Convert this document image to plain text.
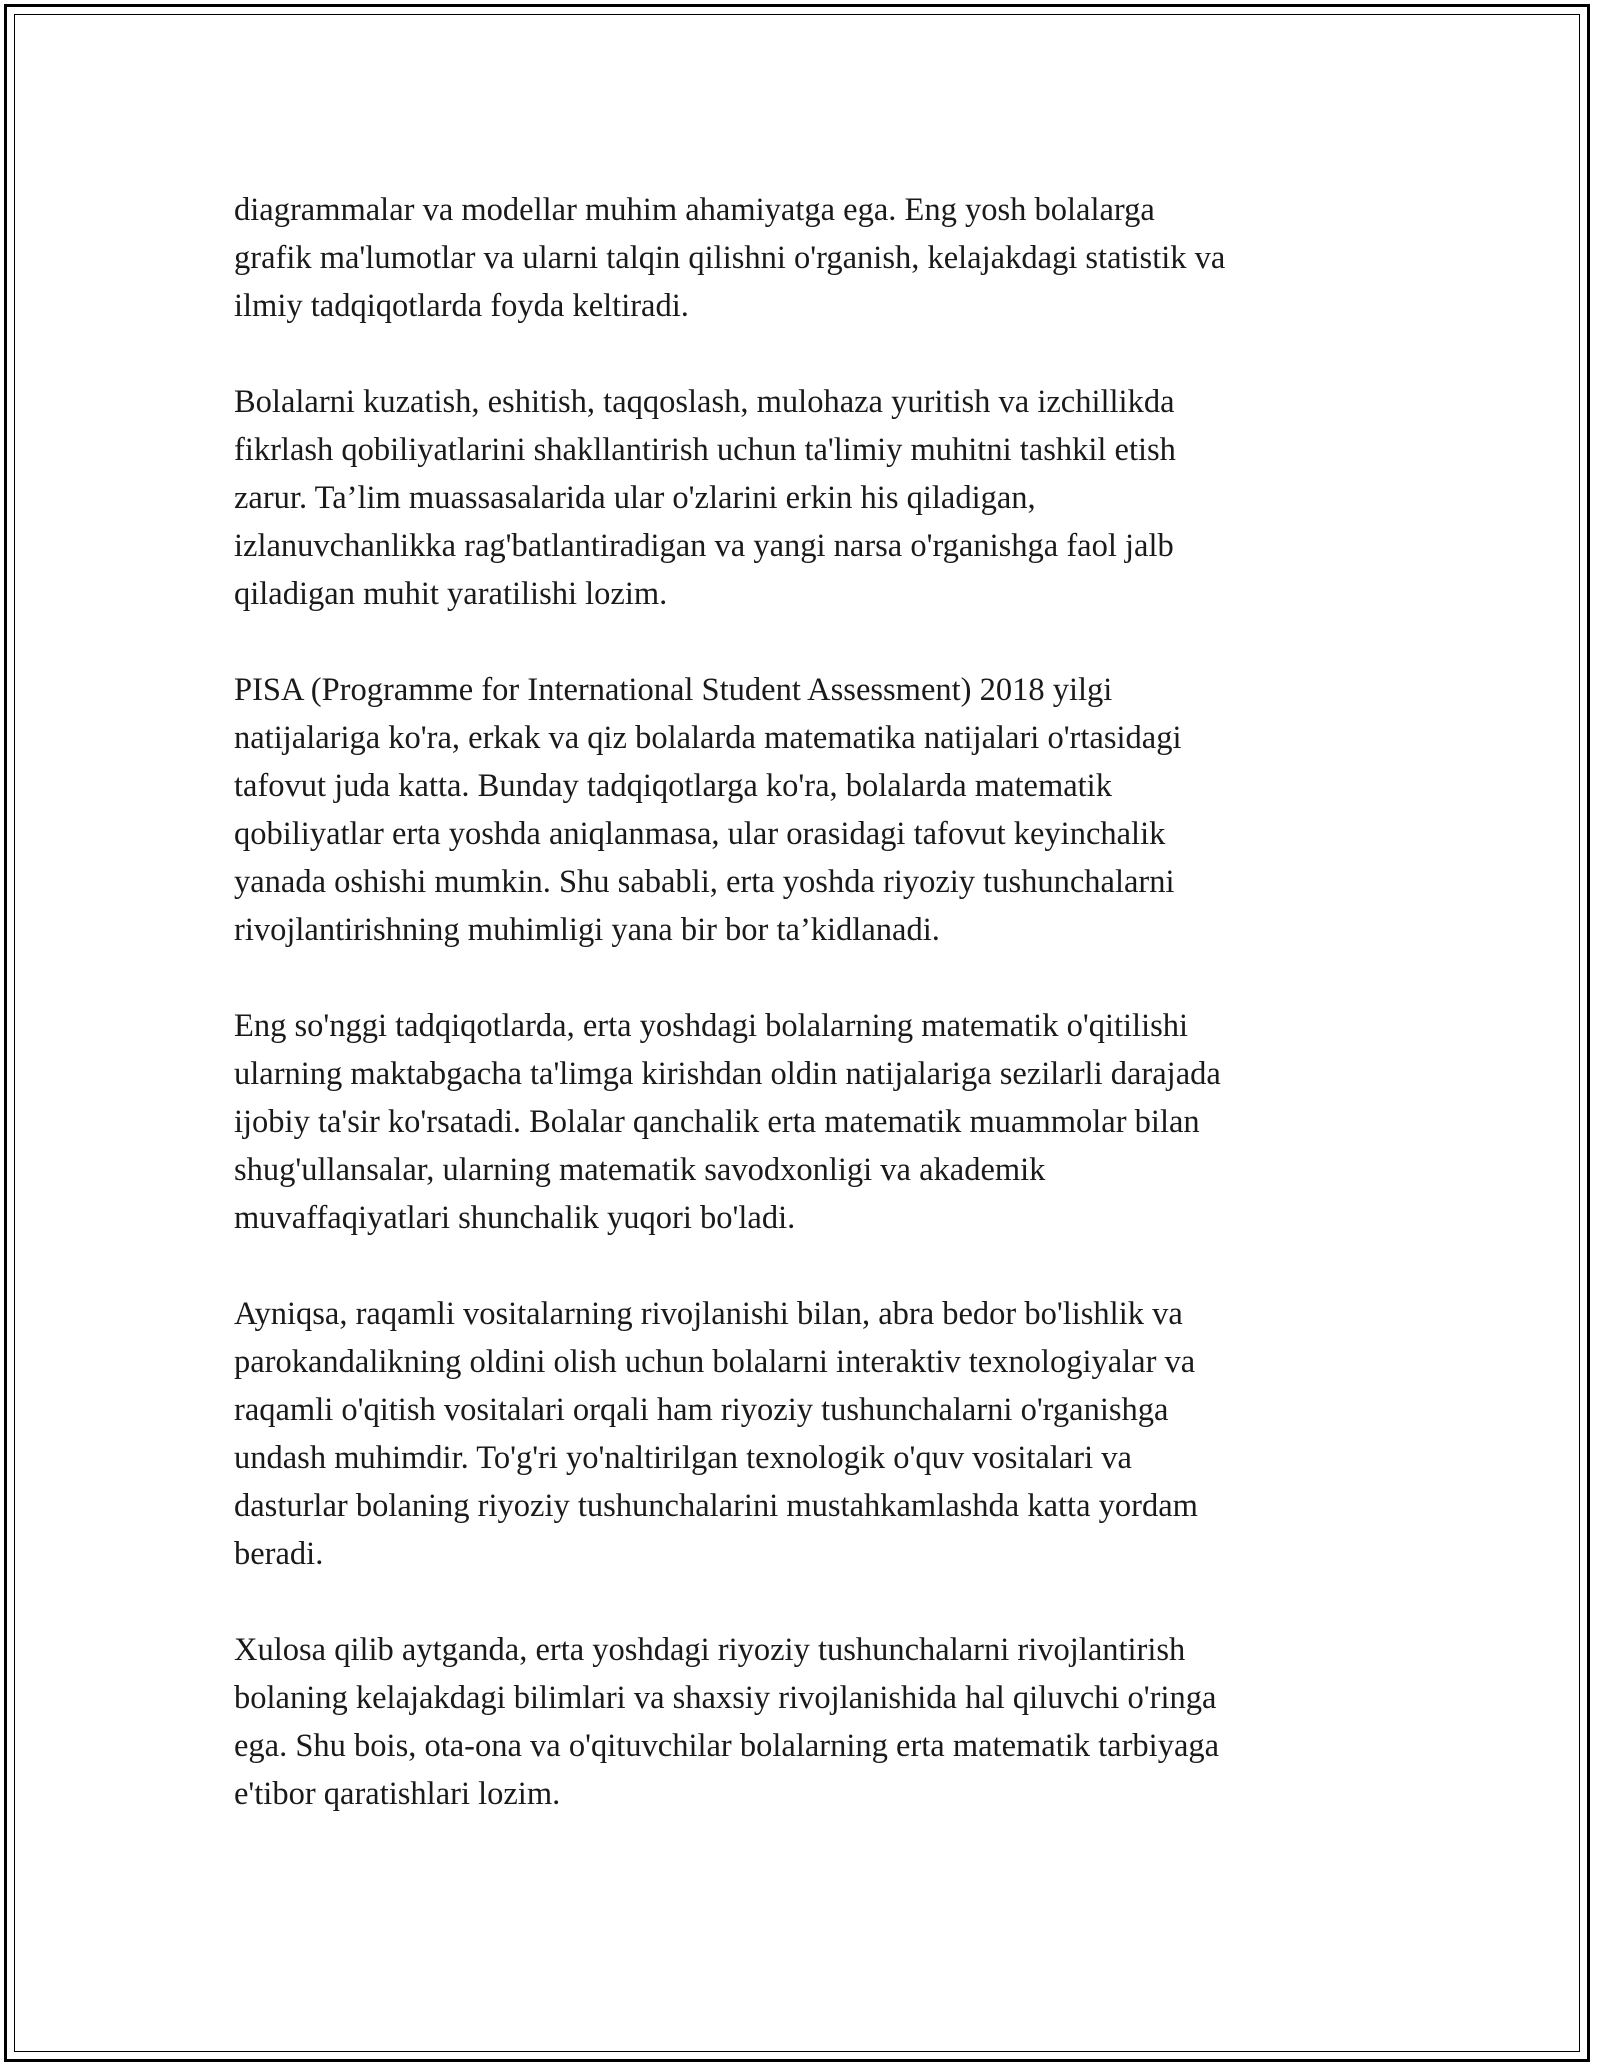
diagrammalar va modellar muhim ahamiyatga ega. Eng yosh bolalarga
grafik ma'lumotlar va ularni talqin qilishni o'rganish, kelajakdagi statistik va
ilmiy tadqiqotlarda foyda keltiradi.

Bolalarni kuzatish, eshitish, taqqoslash, mulohaza yuritish va izchillikda
fikrlash qobiliyatlarini shakllantirish uchun ta'limiy muhitni tashkil etish
zarur. Ta’lim muassasalarida ular o'zlarini erkin his qiladigan,
izlanuvchanlikka rag'batlantiradigan va yangi narsa o'rganishga faol jalb
qiladigan muhit yaratilishi lozim.

PISA (Programme for International Student Assessment) 2018 yilgi
natijalariga ko'ra, erkak va qiz bolalarda matematika natijalari o'rtasidagi
tafovut juda katta. Bunday tadqiqotlarga ko'ra, bolalarda matematik
qobiliyatlar erta yoshda aniqlanmasa, ular orasidagi tafovut keyinchalik
yanada oshishi mumkin. Shu sababli, erta yoshda riyoziy tushunchalarni
rivojlantirishning muhimligi yana bir bor ta’kidlanadi.

Eng so'nggi tadqiqotlarda, erta yoshdagi bolalarning matematik o'qitilishi
ularning maktabgacha ta'limga kirishdan oldin natijalariga sezilarli darajada
ijobiy ta'sir ko'rsatadi. Bolalar qanchalik erta matematik muammolar bilan
shug'ullansalar, ularning matematik savodxonligi va akademik
muvaffaqiyatlari shunchalik yuqori bo'ladi.

Ayniqsa, raqamli vositalarning rivojlanishi bilan, abra bedor bo'lishlik va
parokandalikning oldini olish uchun bolalarni interaktiv texnologiyalar va
raqamli o'qitish vositalari orqali ham riyoziy tushunchalarni o'rganishga
undash muhimdir. To'g'ri yo'naltirilgan texnologik o'quv vositalari va
dasturlar bolaning riyoziy tushunchalarini mustahkamlashda katta yordam
beradi.

Xulosa qilib aytganda, erta yoshdagi riyoziy tushunchalarni rivojlantirish
bolaning kelajakdagi bilimlari va shaxsiy rivojlanishida hal qiluvchi o'ringa
ega. Shu bois, ota-ona va o'qituvchilar bolalarning erta matematik tarbiyaga
e'tibor qaratishlari lozim.
